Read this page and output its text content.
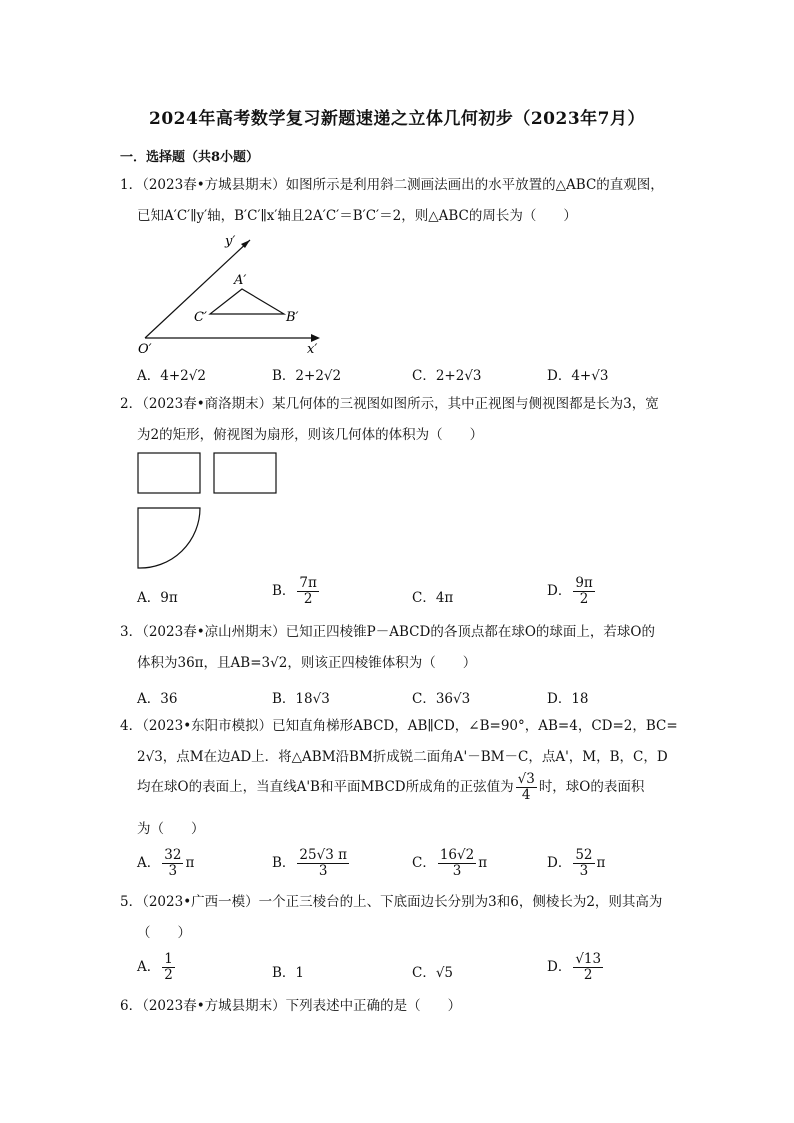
2024年高考数学复习新题速递之立体几何初步（2023年7月）
一．选择题（共8小题）
1．（2023春•方城县期末）如图所示是利用斜二测画法画出的水平放置的△ABC的直观图，
已知A′C′∥y′轴，B′C′∥x′轴且2A′C′＝B′C′＝2，则△ABC的周长为（　　）
y′
A′
C′	B′
O′	x′
A．4+2√2	B．2+2√2	C．2+2√3	D．4+√3
2．（2023春•商洛期末）某几何体的三视图如图所示，其中正视图与侧视图都是长为3，宽
为2的矩形，俯视图为扇形，则该几何体的体积为（　　）
A．9π	B． $\frac{7\pi}{2}$	C．4π	D． $\frac{9\pi}{2}$
3．（2023春•凉山州期末）已知正四棱锥P－ABCD的各顶点都在球O的球面上，若球O的
体积为36π，且AB=3√2，则该正四棱锥体积为（　　）
A．36	B．18√3	C．36√3	D．18
4．（2023•东阳市模拟）已知直角梯形ABCD，AB∥CD，∠B=90°，AB=4，CD=2，BC=
2√3，点M在边AD上．将△ABM沿BM折成锐二面角A'－BM－C，点A'，M，B，C，D
均在球O的表面上，当直线A'B和平面MBCD所成角的正弦值为 $\frac{√3}{4}$ 时，球O的表面积
为（　　）
A． $\frac{32}{3}$ π	B． $\frac{25√3 \pi}{3}$	C． $\frac{16√2}{3}$ π	D． $\frac{52}{3}$ π
5．（2023•广西一模）一个正三棱台的上、下底面边长分别为3和6，侧棱长为2，则其高为
（　　）
A． $\frac{1}{2}$	B．1	C．√5	D． $\frac{√13}{2}$
6．（2023春•方城县期末）下列表述中正确的是（　　）
